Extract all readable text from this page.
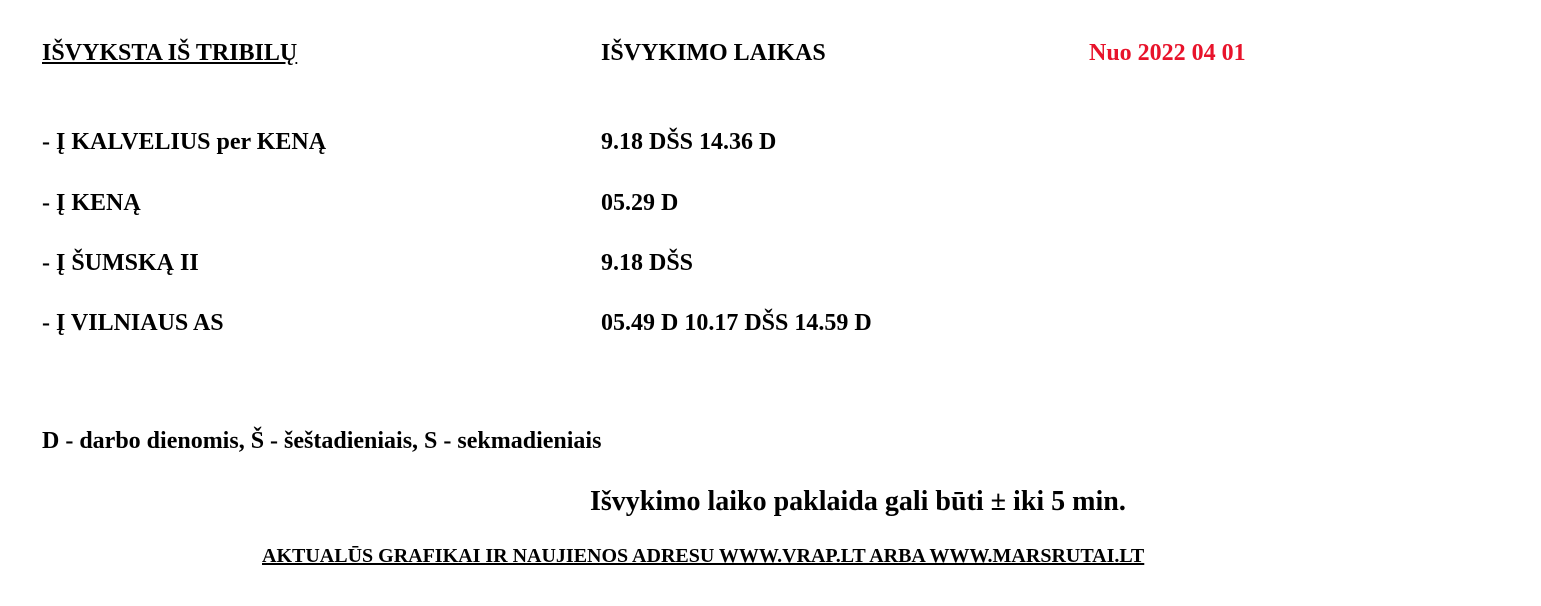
IŠVYKSTA IŠ TRIBILŲ	IŠVYKIMO LAIKAS	Nuo 2022 04 01
- Į KALVELIUS per KENĄ	9.18 DŠS 14.36 D
- Į KENĄ	05.29 D
- Į ŠUMSKĄ II	9.18 DŠS
- Į VILNIAUS AS	05.49 D 10.17 DŠS 14.59 D
D - darbo dienomis, Š - šeštadieniais, S - sekmadieniais
Išvykimo laiko paklaida gali būti ± iki 5 min.
AKTUALŪS GRAFIKAI IR NAUJIENOS ADRESU WWW.VRAP.LT ARBA WWW.MARSRUTAI.LT
